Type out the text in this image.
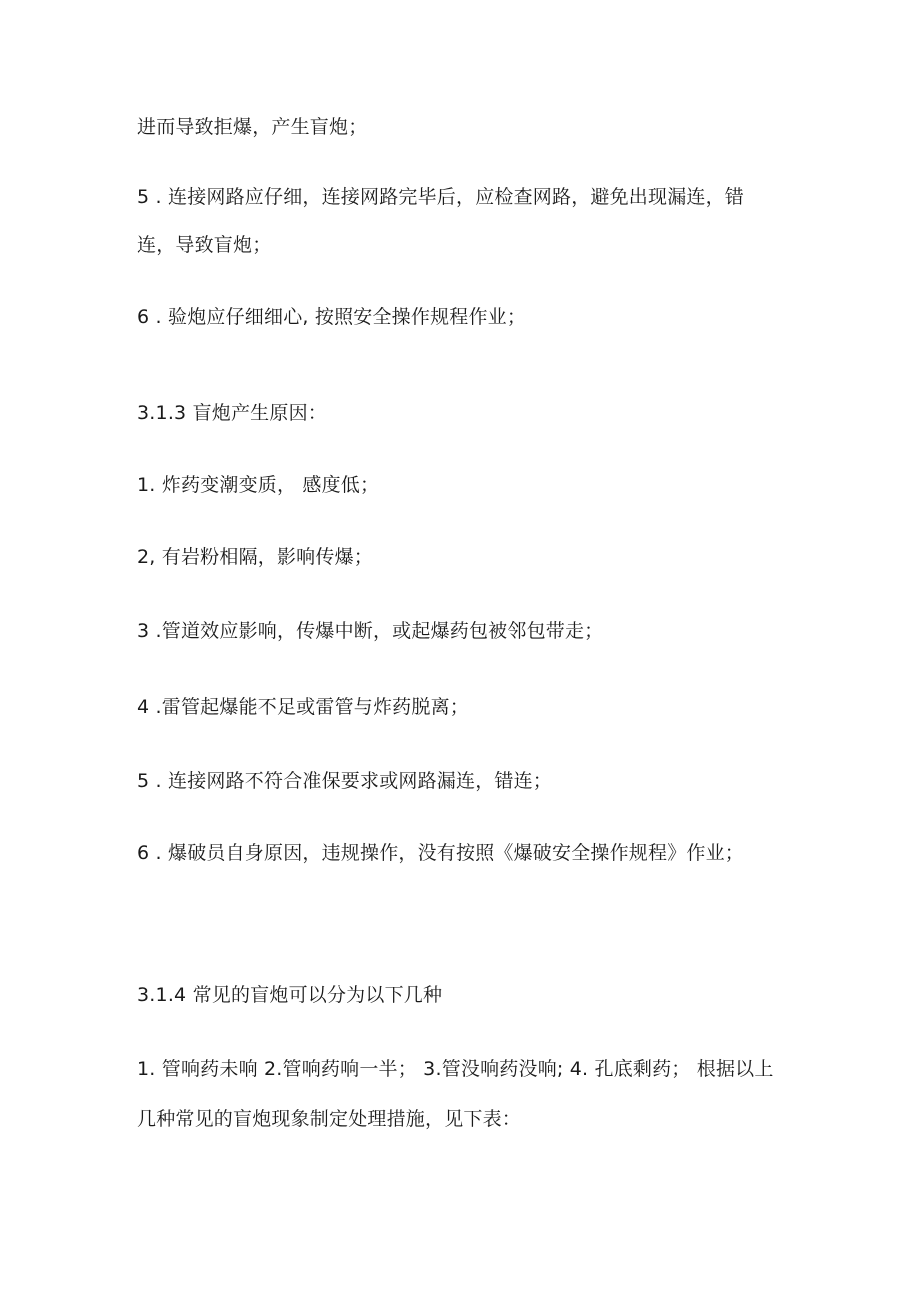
进而导致拒爆，产生盲炮；
5 . 连接网路应仔细，连接网路完毕后，应检查网路，避免出现漏连，错
连，导致盲炮；
6 . 验炮应仔细细心, 按照安全操作规程作业；
3.1.3 盲炮产生原因：
1. 炸药变潮变质， 感度低；
2, 有岩粉相隔，影响传爆；
3 .管道效应影响，传爆中断，或起爆药包被邻包带走；
4 .雷管起爆能不足或雷管与炸药脱离；
5 . 连接网路不符合准保要求或网路漏连，错连；
6 . 爆破员自身原因，违规操作，没有按照《爆破安全操作规程》作业；
3.1.4 常见的盲炮可以分为以下几种
1. 管响药未响 2.管响药响一半； 3.管没响药没响; 4. 孔底剩药； 根据以上
几种常见的盲炮现象制定处理措施，见下表：
